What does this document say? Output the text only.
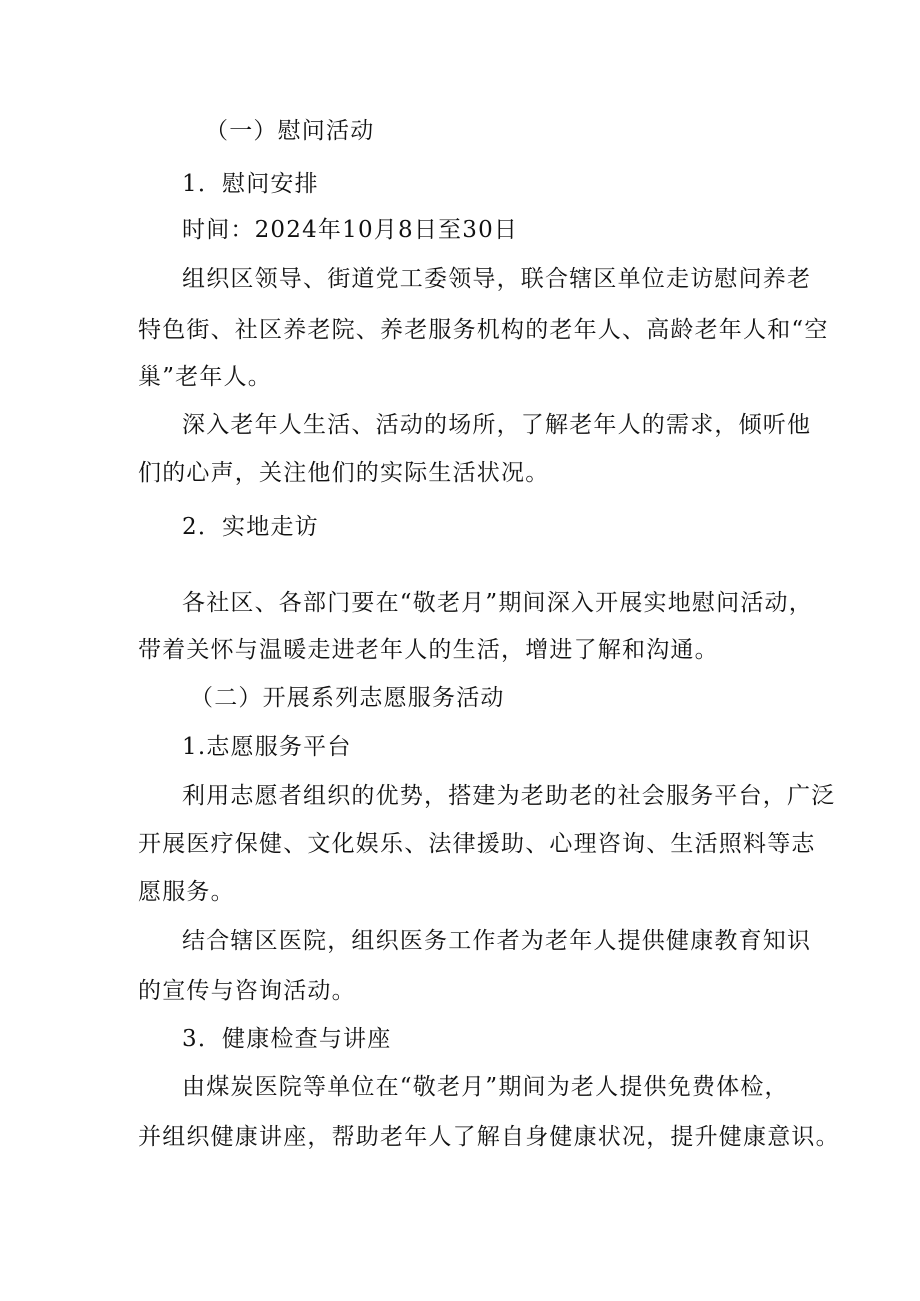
（一）慰问活动
1．慰问安排
时间：2024年10月8日至30日
组织区领导、街道党工委领导，联合辖区单位走访慰问养老
特色街、社区养老院、养老服务机构的老年人、高龄老年人和“空
巢”老年人。
深入老年人生活、活动的场所，了解老年人的需求，倾听他
们的心声，关注他们的实际生活状况。
2．实地走访
各社区、各部门要在“敬老月”期间深入开展实地慰问活动，
带着关怀与温暖走进老年人的生活，增进了解和沟通。
（二）开展系列志愿服务活动
1.志愿服务平台
利用志愿者组织的优势，搭建为老助老的社会服务平台，广泛
开展医疗保健、文化娱乐、法律援助、心理咨询、生活照料等志
愿服务。
结合辖区医院，组织医务工作者为老年人提供健康教育知识
的宣传与咨询活动。
3．健康检查与讲座
由煤炭医院等单位在“敬老月”期间为老人提供免费体检，
并组织健康讲座，帮助老年人了解自身健康状况，提升健康意识。
